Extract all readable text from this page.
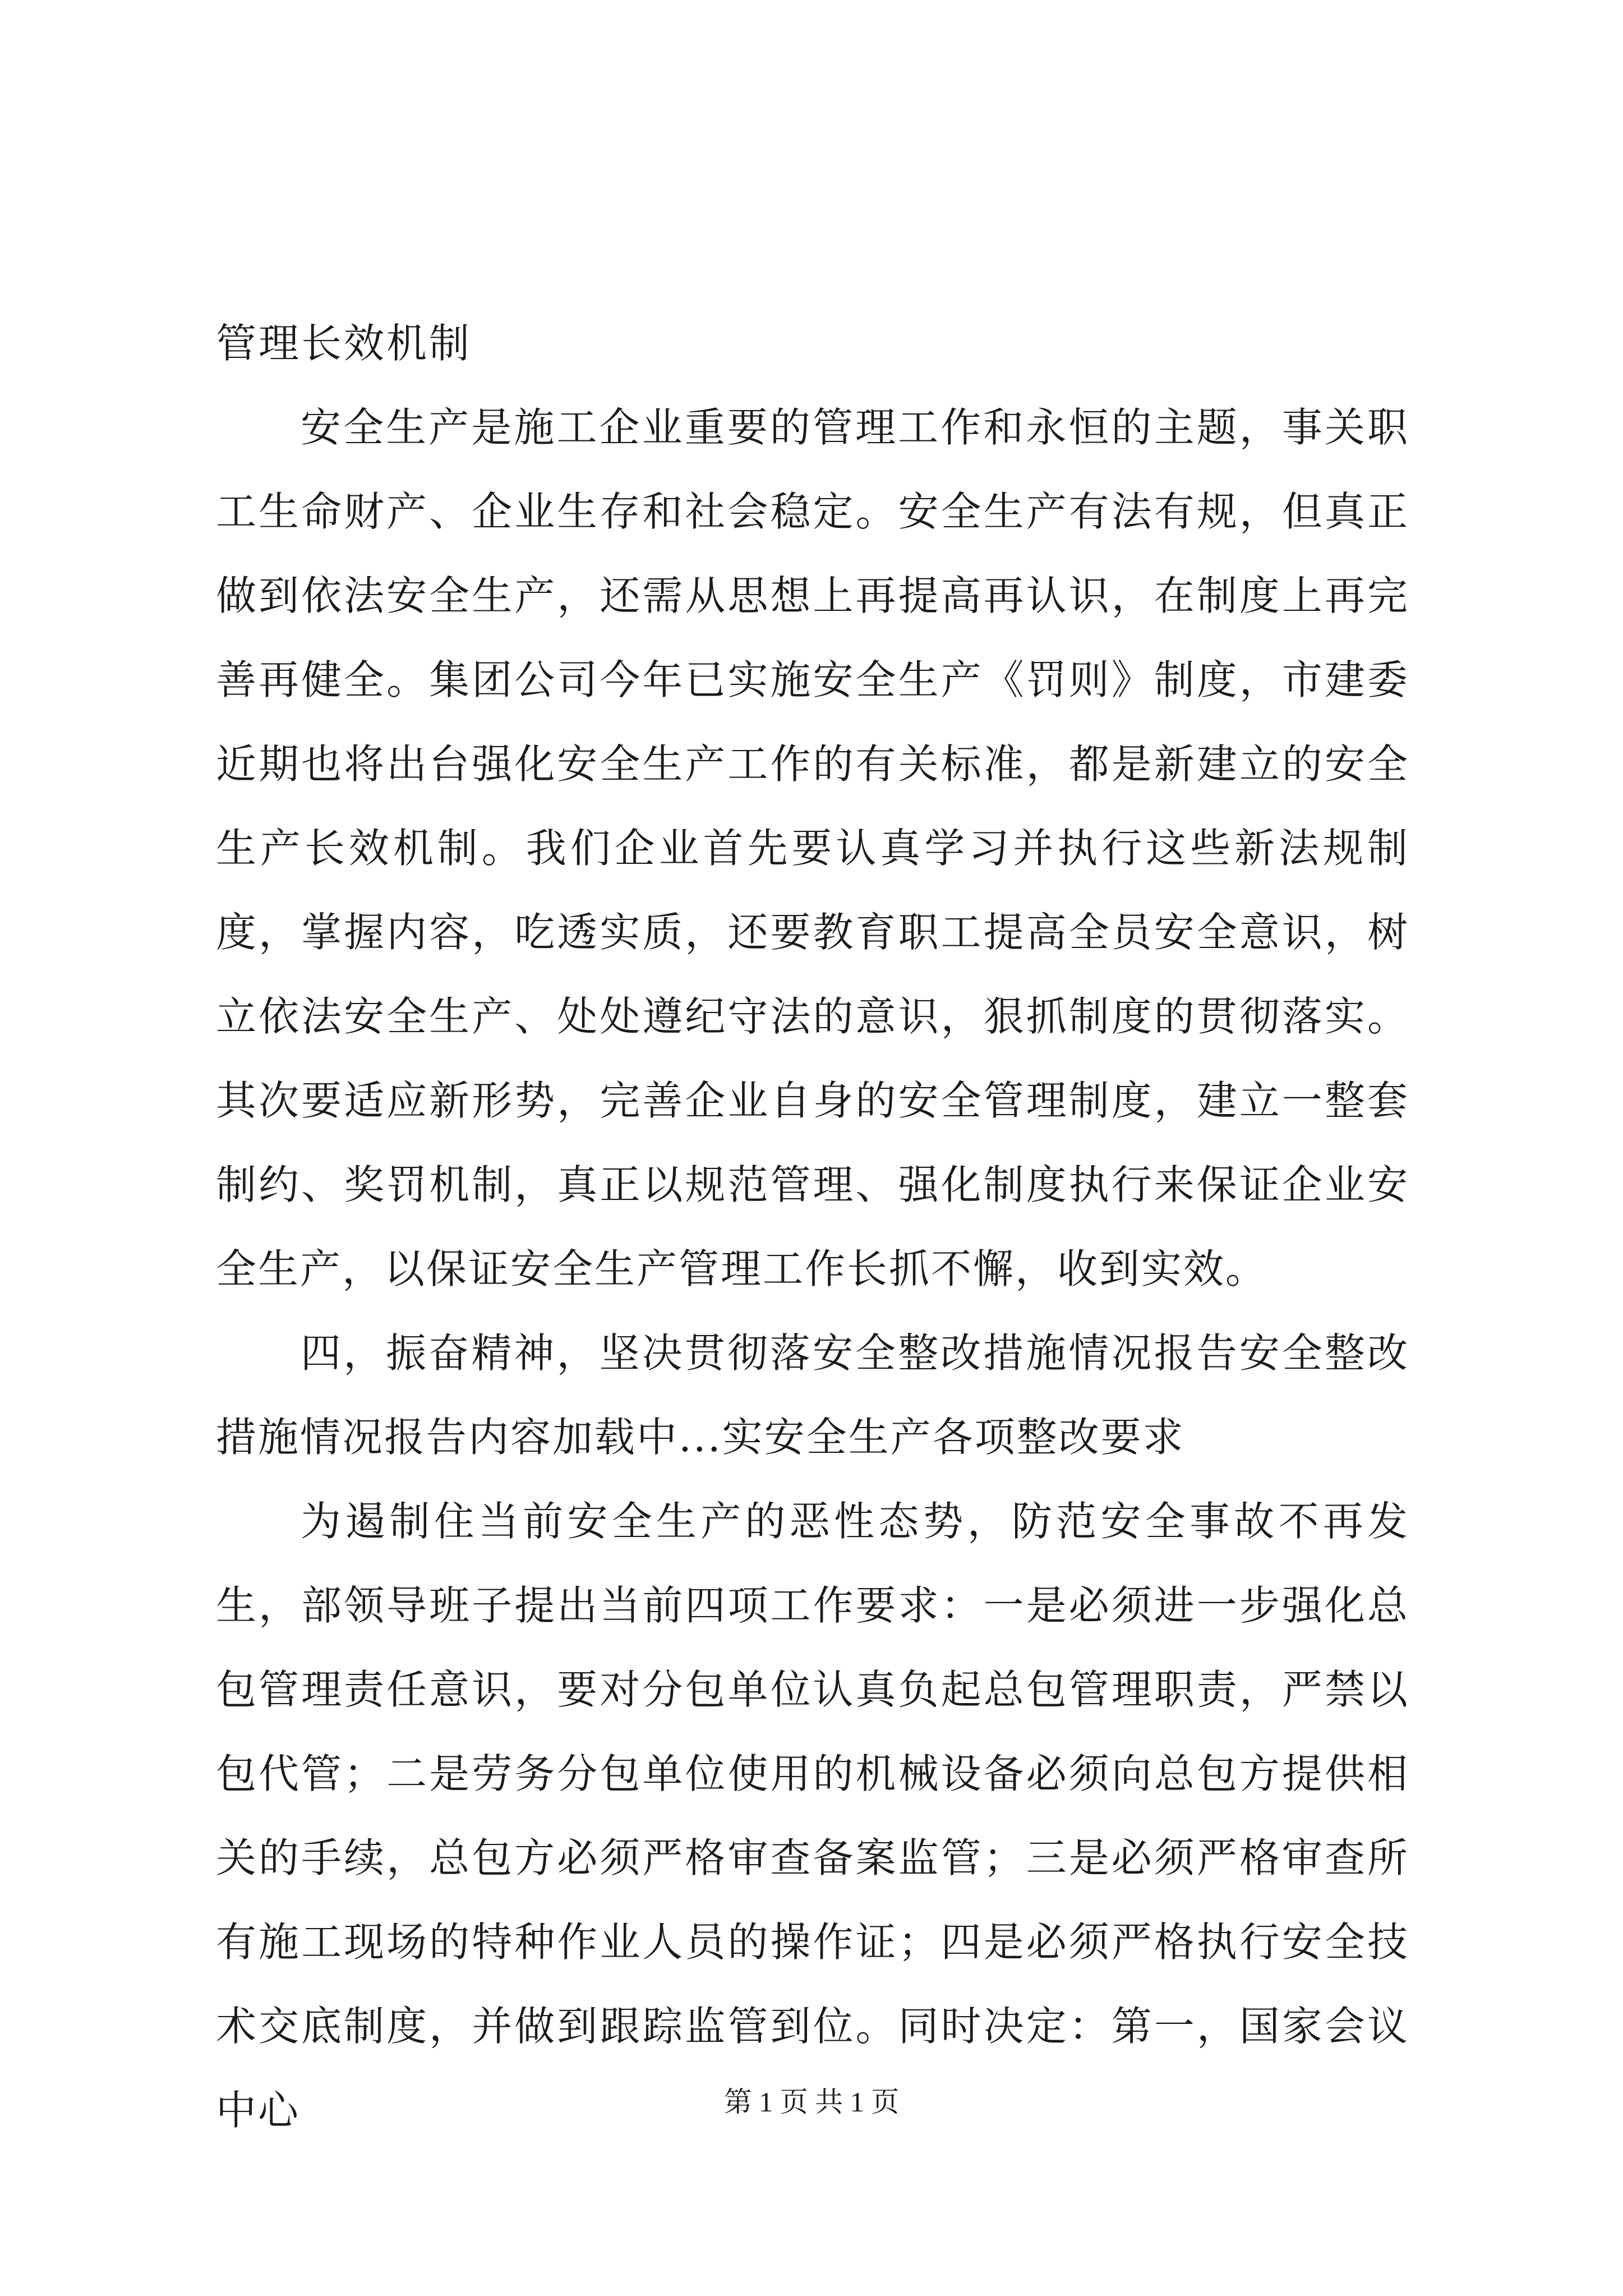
管理长效机制

安全生产是施工企业重要的管理工作和永恒的主题，事关职工生命财产、企业生存和社会稳定。安全生产有法有规，但真正做到依法安全生产，还需从思想上再提高再认识，在制度上再完善再健全。集团公司今年已实施安全生产《罚则》制度，市建委近期也将出台强化安全生产工作的有关标准，都是新建立的安全生产长效机制。我们企业首先要认真学习并执行这些新法规制度，掌握内容，吃透实质，还要教育职工提高全员安全意识，树立依法安全生产、处处遵纪守法的意识，狠抓制度的贯彻落实。其次要适应新形势，完善企业自身的安全管理制度，建立一整套制约、奖罚机制，真正以规范管理、强化制度执行来保证企业安全生产，以保证安全生产管理工作长抓不懈，收到实效。

四，振奋精神，坚决贯彻落安全整改措施情况报告安全整改措施情况报告内容加载中...实安全生产各项整改要求

为遏制住当前安全生产的恶性态势，防范安全事故不再发生，部领导班子提出当前四项工作要求：一是必须进一步强化总包管理责任意识，要对分包单位认真负起总包管理职责，严禁以包代管；二是劳务分包单位使用的机械设备必须向总包方提供相关的手续，总包方必须严格审查备案监管；三是必须严格审查所有施工现场的特种作业人员的操作证；四是必须严格执行安全技术交底制度，并做到跟踪监管到位。同时决定：第一，国家会议中心	第 1 页 共 1 页
